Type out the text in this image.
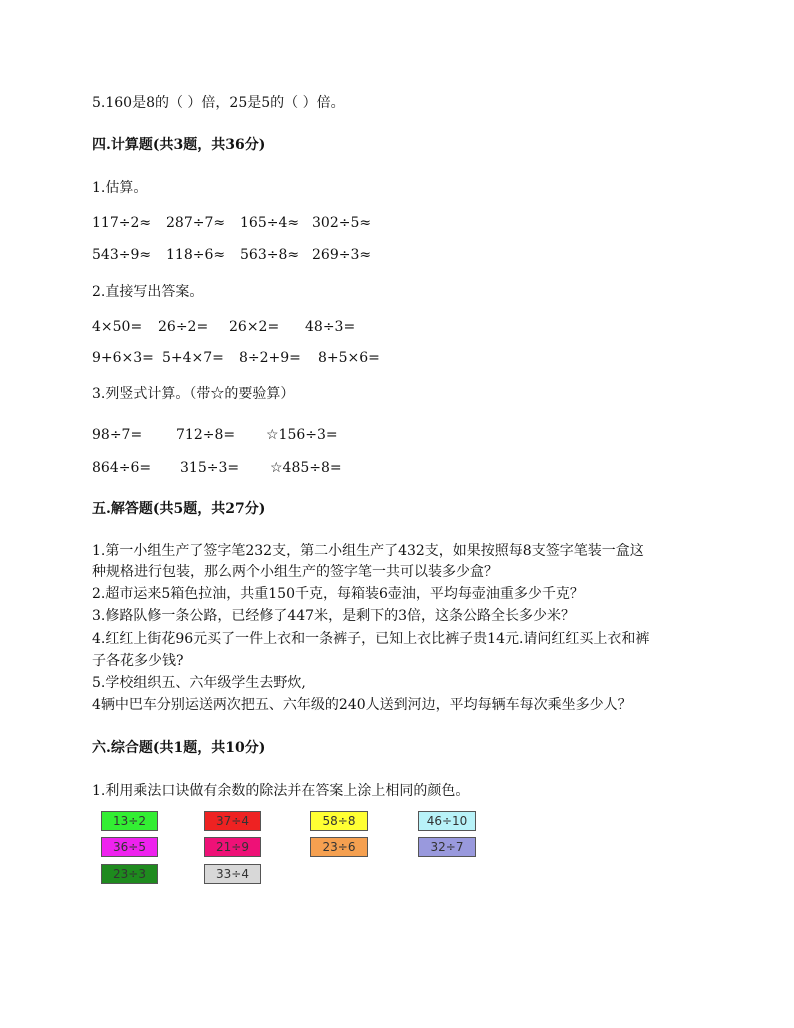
5.160是8的（ ）倍，25是5的（ ）倍。
四.计算题(共3题，共36分)
1.估算。
117÷2≈ 287÷7≈ 165÷4≈ 302÷5≈
543÷9≈ 118÷6≈ 563÷8≈ 269÷3≈
2.直接写出答案。
4×50= 26÷2= 26×2= 48÷3=
9+6×3= 5+4×7= 8÷2+9= 8+5×6=
3.列竖式计算。（带☆的要验算）
98÷7= 712÷8= ☆156÷3=
864÷6= 315÷3= ☆485÷8=
五.解答题(共5题，共27分)
1.第一小组生产了签字笔232支，第二小组生产了432支，如果按照每8支签字笔装一盒这
种规格进行包装，那么两个小组生产的签字笔一共可以装多少盒？
2.超市运来5箱色拉油，共重150千克，每箱装6壶油，平均每壶油重多少千克？
3.修路队修一条公路，已经修了447米，是剩下的3倍，这条公路全长多少米？
4.红红上街花96元买了一件上衣和一条裤子，已知上衣比裤子贵14元.请问红红买上衣和裤
子各花多少钱?
5.学校组织五、六年级学生去野炊,
4辆中巴车分别运送两次把五、六年级的240人送到河边，平均每辆车每次乘坐多少人？
六.综合题(共1题，共10分)
1.利用乘法口诀做有余数的除法并在答案上涂上相同的颜色。
13÷2	37÷4	58÷8	46÷10
36÷5	21÷9	23÷6	32÷7
23÷3	33÷4
